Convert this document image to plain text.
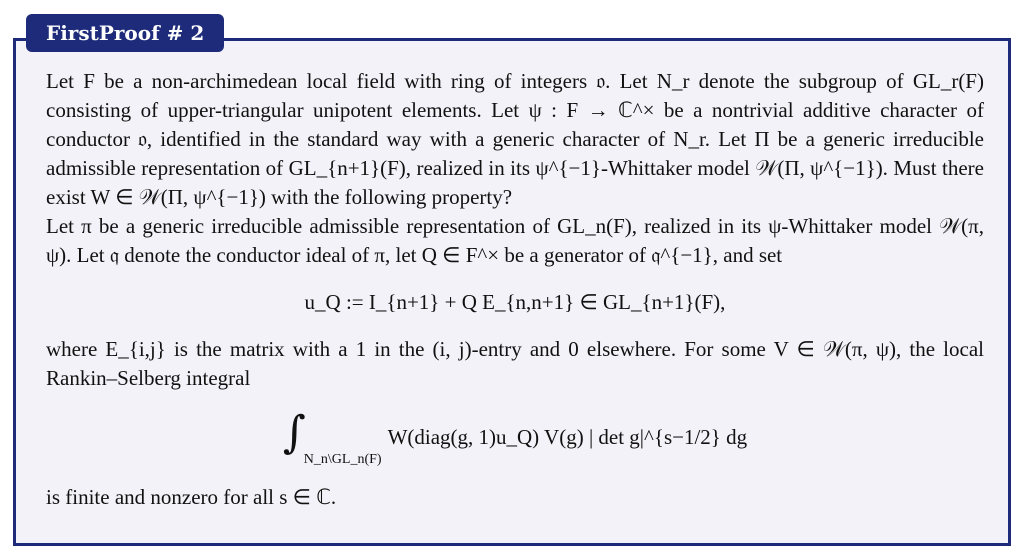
FirstProof # 2

Let F be a non-archimedean local field with ring of integers 𝔬. Let N_r denote the subgroup of GL_r(F) consisting of upper-triangular unipotent elements. Let ψ : F → ℂ^× be a nontrivial additive character of conductor 𝔬, identified in the standard way with a generic character of N_r. Let Π be a generic irreducible admissible representation of GL_{n+1}(F), realized in its ψ^{−1}-Whittaker model 𝒲(Π, ψ^{−1}). Must there exist W ∈ 𝒲(Π, ψ^{−1}) with the following property?

Let π be a generic irreducible admissible representation of GL_n(F), realized in its ψ-Whittaker model 𝒲(π, ψ). Let 𝔮 denote the conductor ideal of π, let Q ∈ F^× be a generator of 𝔮^{−1}, and set

u_Q := I_{n+1} + Q E_{n,n+1} ∈ GL_{n+1}(F),

where E_{i,j} is the matrix with a 1 in the (i, j)-entry and 0 elsewhere. For some V ∈ 𝒲(π, ψ), the local Rankin–Selberg integral

∫
N_n\GL_n(F)
W(diag(g, 1)u_Q) V(g) | det g|^{s−1/2} dg

is finite and nonzero for all s ∈ ℂ.
